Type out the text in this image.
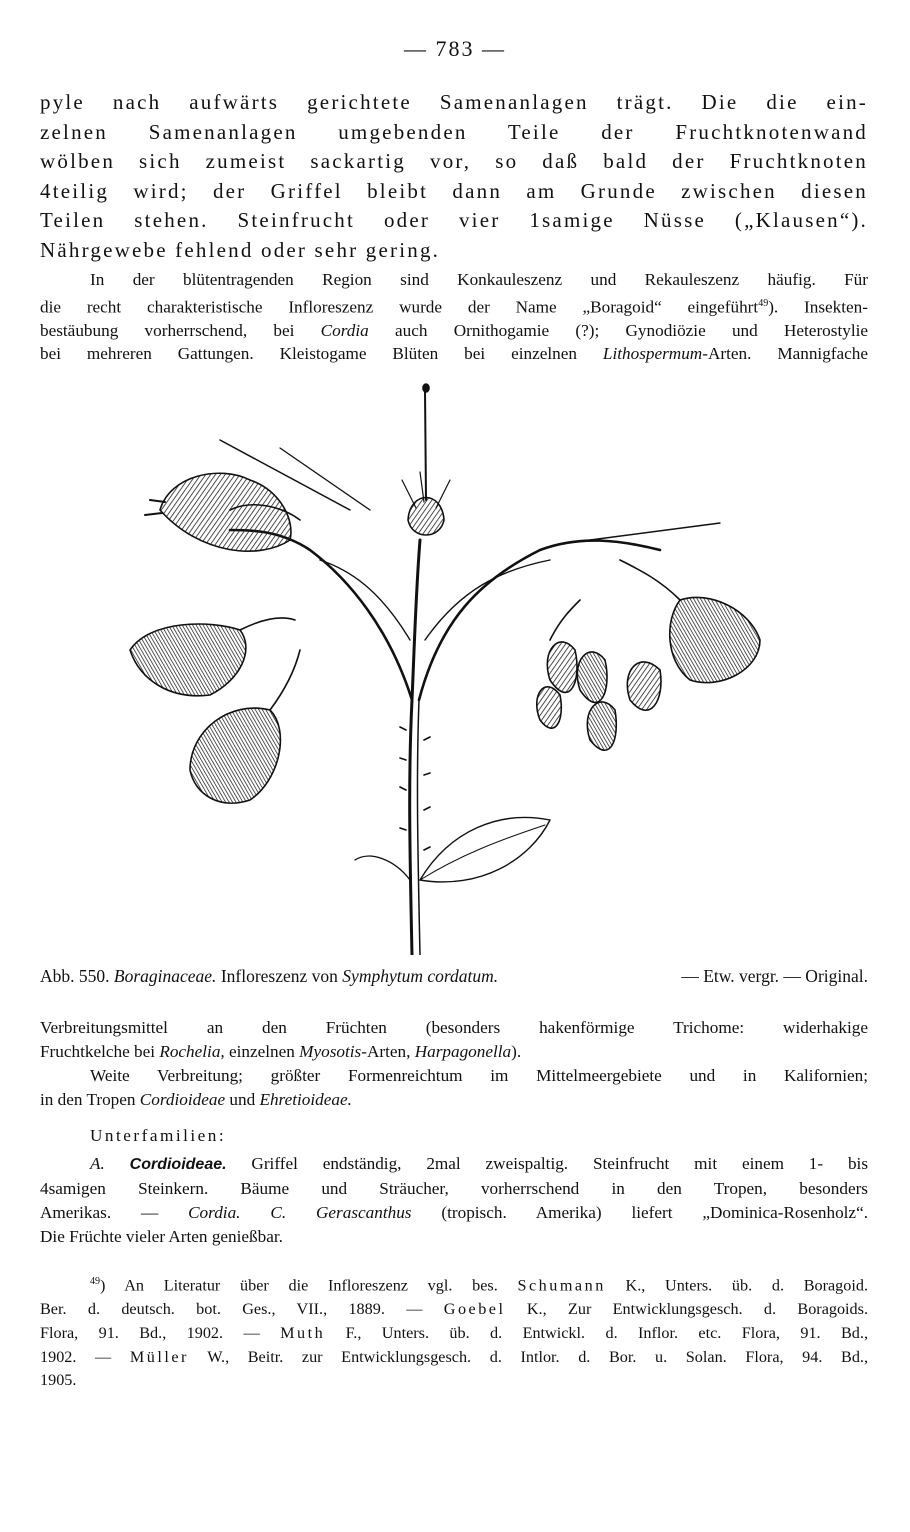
— 783 —
pyle nach aufwärts gerichtete Samenanlagen trägt. Die die ein-
zelnen Samenanlagen umgebenden Teile der Fruchtknotenwand
wölben sich zumeist sackartig vor, so daß bald der Fruchtknoten
4teilig wird; der Griffel bleibt dann am Grunde zwischen diesen
Teilen stehen. Steinfrucht oder vier 1samige Nüsse („Klausen“).
Nährgewebe fehlend oder sehr gering.
In der blütentragenden Region sind Konkauleszenz und Rekauleszenz häufig. Für
die recht charakteristische Infloreszenz wurde der Name „Boragoid“ eingeführt$^{49}$). Insekten-
bestäubung vorherrschend, bei Cordia auch Ornithogamie (?); Gynodiözie und Heterostylie
bei mehreren Gattungen. Kleistogame Blüten bei einzelnen Lithospermum-Arten. Mannigfache
Abb. 550. Boraginaceae. Infloreszenz von Symphytum cordatum.	— Etw. vergr. — Original.
Verbreitungsmittel an den Früchten (besonders hakenförmige Trichome: widerhakige
Fruchtkelche bei Rochelia, einzelnen Myosotis-Arten, Harpagonella).
Weite Verbreitung; größter Formenreichtum im Mittelmeergebiete und in Kalifornien;
in den Tropen Cordioideae und Ehretioideae.
Unterfamilien:
A. Cordioideae. Griffel endständig, 2mal zweispaltig. Steinfrucht mit einem 1- bis
4samigen Steinkern. Bäume und Sträucher, vorherrschend in den Tropen, besonders
Amerikas. — Cordia. C. Gerascanthus (tropisch. Amerika) liefert „Dominica-Rosenholz“.
Die Früchte vieler Arten genießbar.
$^{49}$) An Literatur über die Infloreszenz vgl. bes. Schumann K., Unters. üb. d. Boragoid.
Ber. d. deutsch. bot. Ges., VII., 1889. — Goebel K., Zur Entwicklungsgesch. d. Boragoids.
Flora, 91. Bd., 1902. — Muth F., Unters. üb. d. Entwickl. d. Inflor. etc. Flora, 91. Bd.,
1902. — Müller W., Beitr. zur Entwicklungsgesch. d. Intlor. d. Bor. u. Solan. Flora, 94. Bd.,
1905.
